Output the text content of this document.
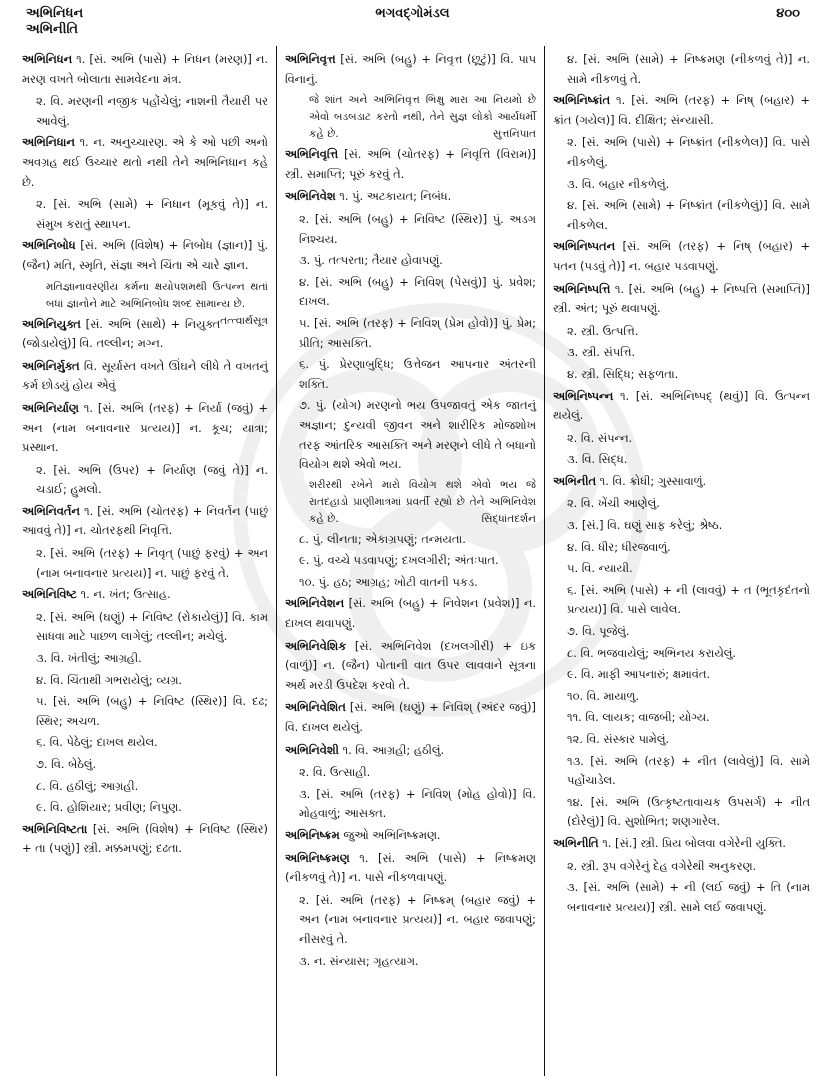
અભિનિધન
અભિનીતિ
ભગવદ્ગોમંડલ	૪૦૦
અભિનિધન ૧. [સં. અભિ (પાસે) + નિધન (મરણ)] ન. મરણ વખતે બોલાતા સામવેદના મંત્ર.
૨. વિ. મરણની નજીક પહોંચેલું; નાશની તૈયારી પર આવેલું.
અભિનિધાન ૧. ન. અનુચ્ચારણ. એ કે ઓ પછી અનો અવગ્રહ થઈ ઉચ્ચાર થતો નથી તેને અભિનિધાન કહે છે.
૨. [સં. અભિ (સામે) + નિધાન (મૂકવું તે)] ન. સંમુખ કરાતું સ્થાપન.
અભિનિબોધ [સં. અભિ (વિશેષ) + નિબોધ (જ્ઞાન)] પું. (જૈન) મતિ, સ્મૃતિ, સંજ્ઞા અને ચિંતા એ ચારે જ્ઞાન.
મતિજ્ઞાનાવરણીય કર્મના ક્ષયોપશમથી ઉત્પન્ન થતાં બધાં જ્ઞાનોને માટે અભિનિબોધ શબ્દ સામાન્ય છે.
તત્ત્વાર્થસૂત્ર
અભિનિયુક્ત [સં. અભિ (સાથે) + નિયુક્ત (જોડાયેલું)] વિ. તલ્લીન; મગ્ન.
અભિનિર્મુક્ત વિ. સૂર્યાસ્ત વખતે ઊંઘને લીધે તે વખતનું કર્મ છોડયું હોય એવું
અભિનિર્યાણ ૧. [સં. અભિ (તરફ) + નિર્યા (જવું) + અન (નામ બનાવનાર પ્રત્યય)] ન. કૂચ; યાત્રા; પ્રસ્થાન.
૨. [સં. અભિ (ઉપર) + નિર્યાણ (જવું તે)] ન. ચડાઈ; હુમલો.
અભિનિવર્તન ૧. [સં. અભિ (ચોતરફ) + નિવર્તન (પાછું આવવું તે)] ન. ચોતરફથી નિવૃત્તિ.
૨. [સં. અભિ (તરફ) + નિવૃત્ (પાછું ફરવું) + અન (નામ બનાવનાર પ્રત્યય)] ન. પાછું ફરવું તે.
અભિનિવિષ્ટ ૧. ન. ખંત; ઉત્સાહ.
૨. [સં. અભિ (ઘણું) + નિવિષ્ટ (રોકાયેલું)] વિ. કામ સાધવા માટે પાછળ લાગેલું; તલ્લીન; મચેલું.
૩. વિ. ખંતીલું; આગ્રહી.
૪. વિ. ચિંતાથી ગભરાયેલું; વ્યગ્ર.
૫. [સં. અભિ (બહુ) + નિવિષ્ટ (સ્થિર)] વિ. દઢ; સ્થિર; અચળ.
૬. વિ. પેઠેલું; દાખલ થયેલ.
૭. વિ. બેઠેલું.
૮. વિ. હઠીલું; આગ્રહી.
૯. વિ. હોશિયાર; પ્રવીણ; નિપુણ.
અભિનિવિષ્ટતા [સં. અભિ (વિશેષ) + નિવિષ્ટ (સ્થિર) + તા (પણું)] સ્ત્રી. મક્કમપણું; દઢતા.
અભિનિવૃત્ત [સં. અભિ (બહુ) + નિવૃત્ત (છૂટું)] વિ. પાપ વિનાનું.
જે શાંત અને અભિનિવૃત્ત ભિક્ષુ મારા આ નિયમો છે એવો બડબડાટ કરતો નથી, તેને સુજ્ઞ લોકો આર્યધર્મી કહે છે.	સુત્તનિપાત
અભિનિવૃત્તિ [સં. અભિ (ચોતરફ) + નિવૃત્તિ (વિરામ)] સ્ત્રી. સમાપ્તિ; પૂરું કરવું તે.
અભિનિવેશ ૧. પું. અટકાયત; નિબંધ.
૨. [સં. અભિ (બહુ) + નિવિષ્ટ (સ્થિર)] પું. અડગ નિશ્ચય.
૩. પું. તત્પરતા; તૈયાર હોવાપણું.
૪. [સં. અભિ (બહુ) + નિવિશ્ (પેસવું)] પું. પ્રવેશ; દાખલ.
૫. [સં. અભિ (તરફ) + નિવિશ્ (પ્રેમ હોવો)] પું. પ્રેમ; પ્રીતિ; આસક્તિ.
૬. પું. પ્રેરણાબુદ્ધિ; ઉત્તેજન આપનાર અંતરની શક્તિ.
૭. પું. (યોગ) મરણનો ભય ઉપજાવતું એક જાતનું અજ્ઞાન; દુન્યવી જીવન અને શારીરિક મોજશોખ તરફ આંતરિક આસક્તિ અને મરણને લીધે તે બધાનો વિયોગ થશે એવો ભય.
શરીરથી રખેને મારો વિયોગ થશે એવો ભય જે રાતદહાડો પ્રાણીમાત્રમાં પ્રવર્તી રહ્યો છે તેને અભિનિવેશ કહે છે.	સિદ્ધાંતદર્શન
૮. પું. લીનતા; એકાગ્રપણું; તન્મયતા.
૯. પું. વચ્ચે પડવાપણું; દખલગીરી; અંતઃપાત.
૧૦. પું. હઠ; આગ્રહ; ખોટી વાતની પકડ.
અભિનિવેશન [સં. અભિ (બહુ) + નિવેશન (પ્રવેશ)] ન. દાખલ થવાપણું.
અભિનિવેશિક [સં. અભિનિવેશ (દખલગીરી) + ઇક (વાળું)] ન. (જૈન) પોતાની વાત ઉપર લાવવાને સૂત્રના અર્થ મરડી ઉપદેશ કરવો તે.
અભિનિવેશિત [સં. અભિ (ઘણું) + નિવિશ્ (અંદર જવું)] વિ. દાખલ થયેલું.
અભિનિવેશી ૧. વિ. આગ્રહી; હઠીલું.
૨. વિ. ઉત્સાહી.
૩. [સં. અભિ (તરફ) + નિવિશ્ (મોહ હોવો)] વિ. મોહવાળું; આસક્ત.
અભિનિષ્ક્રમ જુઓ અભિનિષ્ક્રમણ.
અભિનિષ્ક્રમણ ૧. [સં. અભિ (પાસે) + નિષ્ક્રમણ (નીકળવું તે)] ન. પાસે નીકળવાપણું.
૨. [સં. અભિ (તરફ) + નિષ્ક્રમ્ (બહાર જવું) + અન (નામ બનાવનાર પ્રત્યય)] ન. બહાર જવાપણું; નીસરવું તે.
૩. ન. સંન્યાસ; ગૃહત્યાગ.
૪. [સં. અભિ (સામે) + નિષ્ક્રમણ (નીકળવું તે)] ન. સામે નીકળવું તે.
અભિનિષ્ક્રાંત ૧. [સં. અભિ (તરફ) + નિષ્ (બહાર) + ક્રાંત (ગયેલ)] વિ. દીક્ષિત; સંન્યાસી.
૨. [સં. અભિ (પાસે) + નિષ્ક્રાંત (નીકળેલ)] વિ. પાસે નીકળેલું.
૩. વિ. બહાર નીકળેલું.
૪. [સં. અભિ (સામે) + નિષ્ક્રાંત (નીકળેલું)] વિ. સામે નીકળેલ.
અભિનિષ્પતન [સં. અભિ (તરફ) + નિષ્ (બહાર) + પતન (પડવું તે)] ન. બહાર પડવાપણું.
અભિનિષ્પત્તિ ૧. [સં. અભિ (બહુ) + નિષ્પત્તિ (સમાપ્તિ)] સ્ત્રી. અંત; પૂરું થવાપણું.
૨. સ્ત્રી. ઉત્પત્તિ.
૩. સ્ત્રી. સંપત્તિ.
૪. સ્ત્રી. સિદ્ધિ; સફળતા.
અભિનિષ્પન્ન ૧. [સં. અભિનિષ્પદ્ (થવું)] વિ. ઉત્પન્ન થયેલું.
૨. વિ. સંપન્ન.
૩. વિ. સિદ્ધ.
અભિનીત ૧. વિ. ક્રોધી; ગુસ્સાવાળું.
૨. વિ. ખેંચી આણેલું.
૩. [સં.] વિ. ઘણું સાફ કરેલું; શ્રેષ્ઠ.
૪. વિ. ધીર; ધીરજવાળું.
૫. વિ. ન્યાયી.
૬. [સં. અભિ (પાસે) + ની (લાવવું) + ત (ભૂતકૃદંતનો પ્રત્યય)] વિ. પાસે લાવેલ.
૭. વિ. પૂજેલું.
૮. વિ. ભજવાયેલું; અભિનય કરાયેલું.
૯. વિ. માફી આપનારું; ક્ષમાવંત.
૧૦. વિ. માયાળુ.
૧૧. વિ. લાયક; વાજબી; યોગ્ય.
૧૨. વિ. સંસ્કાર પામેલું.
૧૩. [સં. અભિ (તરફ) + નીત (લાવેલું)] વિ. સામે પહોંચાડેલ.
૧૪. [સં. અભિ (ઉત્કૃષ્ટતાવાચક ઉપસર્ગ) + નીત (દોરેલું)] વિ. સુશોભિત; શણગારેલ.
અભિનીતિ ૧. [સં.] સ્ત્રી. પ્રિય બોલવા વગેરેની યુક્તિ.
૨. સ્ત્રી. રૂપ વગેરેનું દેહ વગેરેથી અનુકરણ.
૩. [સં. અભિ (સામે) + ની (લઈ જવું) + તિ (નામ બનાવનાર પ્રત્યય)] સ્ત્રી. સામે લઈ જવાપણું.
